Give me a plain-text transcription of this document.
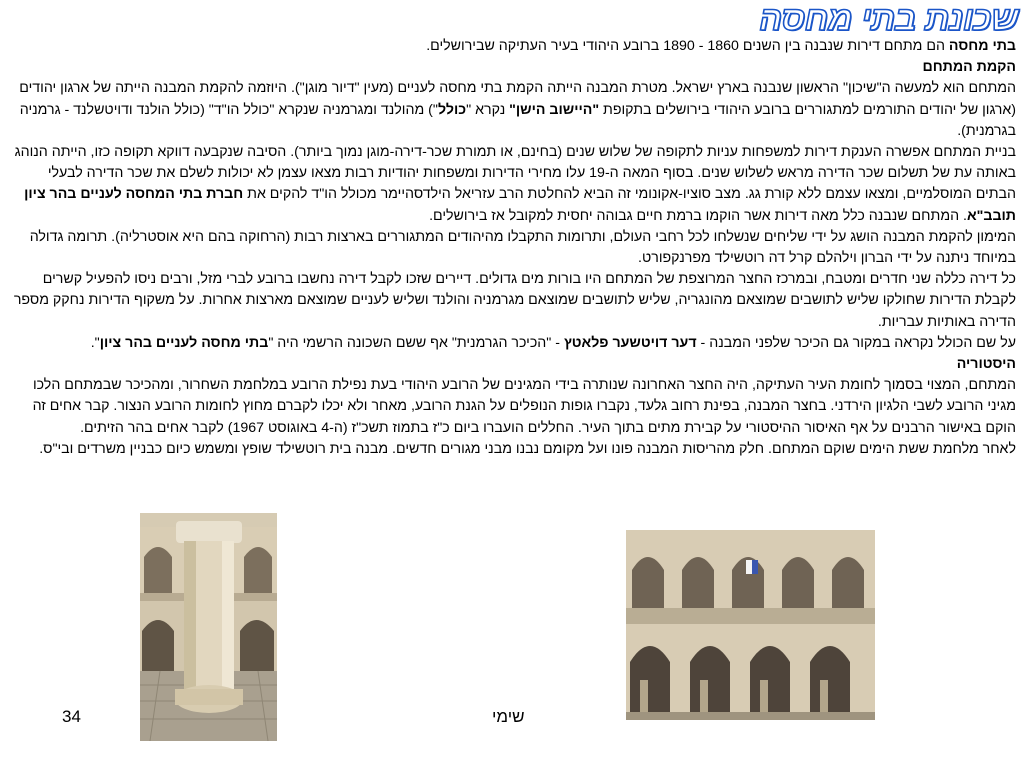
שכונת בתי מחסה

בתי מחסה הם מתחם דירות שנבנה בין השנים 1860 - 1890 ברובע היהודי בעיר העתיקה שבירושלים.

הקמת המתחם

המתחם הוא למעשה ה"שיכון" הראשון שנבנה בארץ ישראל. מטרת המבנה הייתה הקמת בתי מחסה לעניים (מעין "דיור מוגן"). היוזמה להקמת המבנה הייתה של ארגון יהודים (ארגון של יהודים התורמים למתגוררים ברובע היהודי בירושלים בתקופת "היישוב הישן" נקרא "כולל") מהולנד ומגרמניה שנקרא "כולל הו"ד" (כולל הולנד ודויטשלנד - גרמניה בגרמנית).

בניית המתחם אפשרה הענקת דירות למשפחות עניות לתקופה של שלוש שנים (בחינם, או תמורת שכר-דירה-מוגן נמוך ביותר). הסיבה שנקבעה דווקא תקופה כזו, הייתה הנוהג באותה עת של תשלום שכר הדירה מראש לשלוש שנים. בסוף המאה ה-19 עלו מחירי הדירות ומשפחות יהודיות רבות מצאו עצמן לא יכולות לשלם את שכר הדירה לבעלי הבתים המוסלמיים, ומצאו עצמם ללא קורת גג. מצב סוציו-אקונומי זה הביא להחלטת הרב עזריאל הילדסהיימר מכולל הו"ד להקים את חברת בתי המחסה לעניים בהר ציון תובב"א. המתחם שנבנה כלל מאה דירות אשר הוקמו ברמת חיים גבוהה יחסית למקובל אז בירושלים.

המימון להקמת המבנה הושג על ידי שליחים שנשלחו לכל רחבי העולם, ותרומות התקבלו מהיהודים המתגוררים בארצות רבות (הרחוקה בהם היא אוסטרליה). תרומה גדולה במיוחד ניתנה על ידי הברון וילהלם קרל דה רוטשילד מפרנקפורט.

כל דירה כללה שני חדרים ומטבח, ובמרכז החצר המרוצפת של המתחם היו בורות מים גדולים. דיירים שזכו לקבל דירה נחשבו ברובע לברי מזל, ורבים ניסו להפעיל קשרים לקבלת הדירות שחולקו שליש לתושבים שמוצאם מהונגריה, שליש לתושבים שמוצאם מגרמניה והולנד ושליש לעניים שמוצאם מארצות אחרות. על משקוף הדירות נחקק מספר הדירה באותיות עבריות.

על שם הכולל נקראה במקור גם הכיכר שלפני המבנה - דער דויטשער פלאטץ - "הכיכר הגרמנית" אף ששם השכונה הרשמי היה "בתי מחסה לעניים בהר ציון".

היסטוריה

המתחם, המצוי בסמוך לחומת העיר העתיקה, היה החצר האחרונה שנותרה בידי המגינים של הרובע היהודי בעת נפילת הרובע במלחמת השחרור, ומהכיכר שבמתחם הלכו מגיני הרובע לשבי הלגיון הירדני. בחצר המבנה, בפינת רחוב גלעד, נקברו גופות הנופלים על הגנת הרובע, מאחר ולא יכלו לקברם מחוץ לחומות הרובע הנצור. קבר אחים זה הוקם באישור הרבנים על אף האיסור ההיסטורי על קבירת מתים בתוך העיר. החללים הועברו ביום כ"ז בתמוז תשכ"ז (ה-4 באוגוסט 1967) לקבר אחים בהר הזיתים.

לאחר מלחמת ששת הימים שוקם המתחם. חלק מהריסות המבנה פונו ועל מקומם נבנו מבני מגורים חדשים. מבנה בית רוטשילד שופץ ומשמש כיום כבניין משרדים ובי"ס.

34	שימי
